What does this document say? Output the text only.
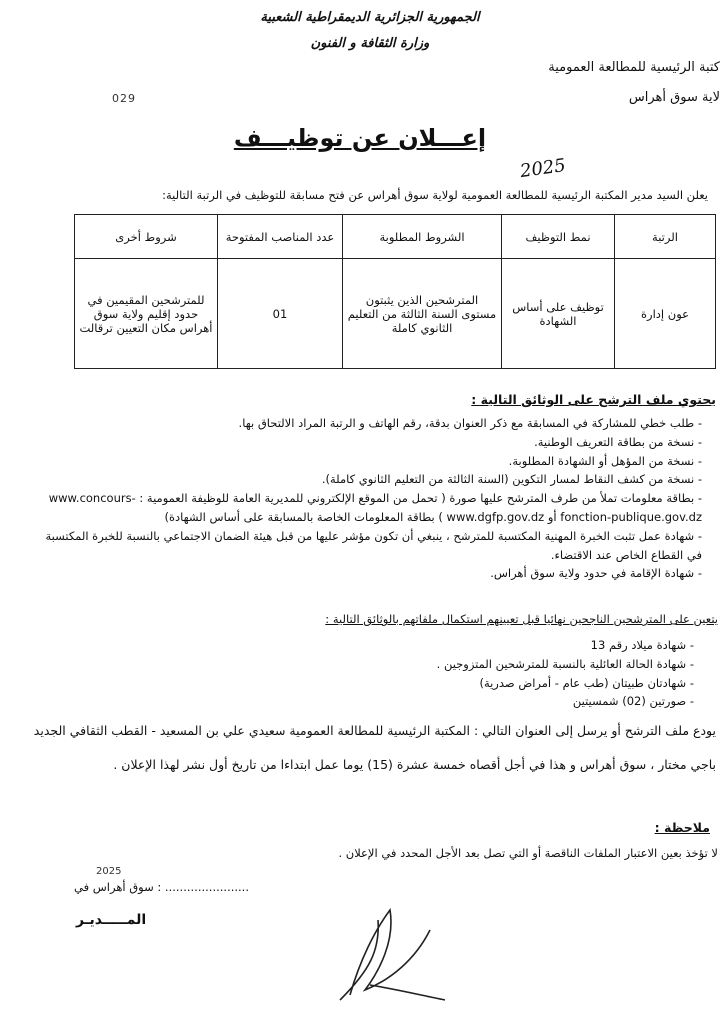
الجمهورية الجزائرية الديمقراطية الشعبية
وزارة الثقافة و الفنون
كتبة الرئيسية للمطالعة العمومية
لاية سوق أهراس
029
إعـــلان عن توظيـــف
2025
يعلن السيد مدير المكتبة الرئيسية للمطالعة العمومية لولاية سوق أهراس عن فتح مسابقة للتوظيف في الرتبة التالية:
الرتبة	نمط التوظيف	الشروط المطلوبة	عدد المناصب المفتوحة	شروط أخرى
عون إدارة	توظيف على أساس الشهادة	المترشحين الذين يثبتون مستوى السنة الثالثة من التعليم الثانوي كاملة	01	للمترشحين المقيمين في حدود إقليم ولاية سوق أهراس مكان التعيين ترقالت
يحتوي ملف الترشح على الوثائق التالية :
- طلب خطي للمشاركة في المسابقة مع ذكر العنوان بدقة، رقم الهاتف و الرتبة المراد الالتحاق بها.
- نسخة من بطاقة التعريف الوطنية.
- نسخة من المؤهل أو الشهادة المطلوبة.
- نسخة من كشف النقاط لمسار التكوين (السنة الثالثة من التعليم الثانوي كاملة).
- بطاقة معلومات تملأ من طرف المترشح عليها صورة ( تحمل من الموقع الإلكتروني للمديرية العامة للوظيفة العمومية : www.concours-fonction-publique.gov.dz أو www.dgfp.gov.dz ) بطاقة المعلومات الخاصة بالمسابقة على أساس الشهادة)
- شهادة عمل تثبت الخبرة المهنية المكتسبة للمترشح ، ينبغي أن تكون مؤشر عليها من قبل هيئة الضمان الاجتماعي بالنسبة للخبرة المكتسبة في القطاع الخاص عند الاقتضاء.
- شهادة الإقامة في حدود ولاية سوق أهراس.
يتعين على المترشحين الناجحين نهائيا قبل تعيينهم استكمال ملفاتهم بالوثائق التالية :
- شهادة ميلاد رقم 13
- شهادة الحالة العائلية بالنسبة للمترشحين المتزوجين .
- شهادتان طبيتان (طب عام - أمراض صدرية)
- صورتين (02) شمسيتين
يودع ملف الترشح أو يرسل إلى العنوان التالي : المكتبة الرئيسية للمطالعة العمومية سعيدي علي بن المسعيد - القطب الثقافي الجديد باجي مختار ، سوق أهراس و هذا في أجل أقصاه خمسة عشرة (15) يوما عمل ابتداءا من تاريخ أول نشر لهذا الإعلان .
ملاحظة :
لا تؤخذ بعين الاعتبار الملفات الناقصة أو التي تصل بعد الأجل المحدد في الإعلان .
2025
سوق أهراس في : .......................
المـــــديـر
